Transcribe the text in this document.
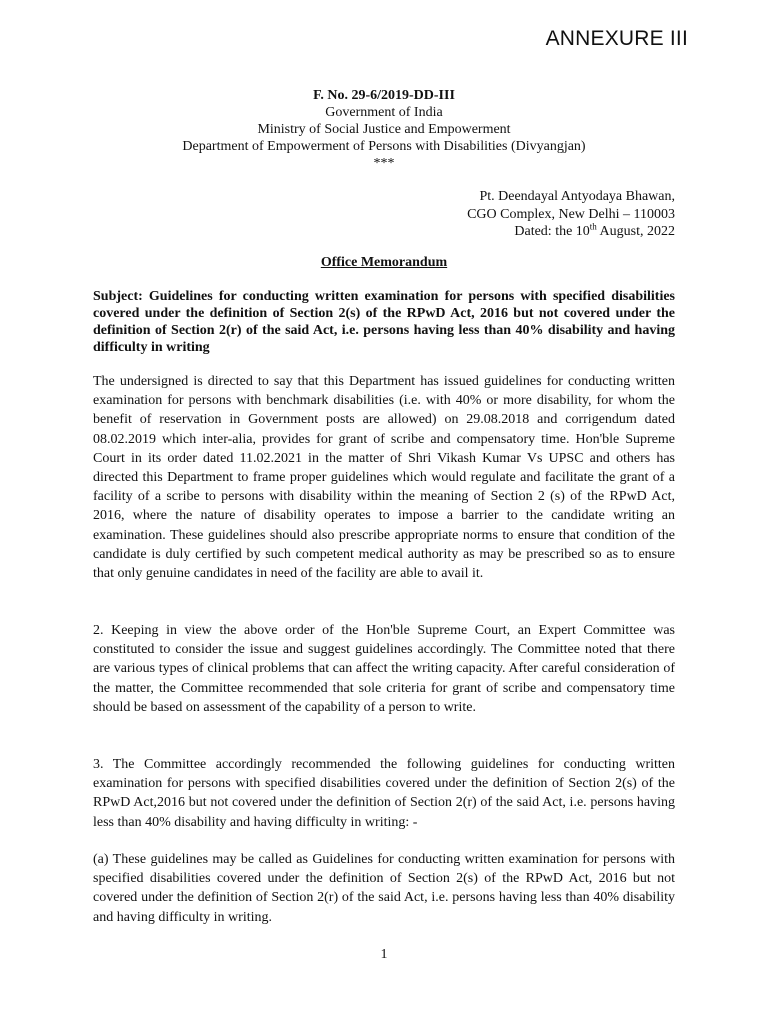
ANNEXURE III
F. No. 29-6/2019-DD-III
Government of India
Ministry of Social Justice and Empowerment
Department of Empowerment of Persons with Disabilities (Divyangjan)
***
Pt. Deendayal Antyodaya Bhawan,
CGO Complex, New Delhi – 110003
Dated: the 10th August, 2022
Office Memorandum
Subject: Guidelines for conducting written examination for persons with specified disabilities covered under the definition of Section 2(s) of the RPwD Act, 2016 but not covered under the definition of Section 2(r) of the said Act, i.e. persons having less than 40% disability and having difficulty in writing
The undersigned is directed to say that this Department has issued guidelines for conducting written examination for persons with benchmark disabilities (i.e. with 40% or more disability, for whom the benefit of reservation in Government posts are allowed) on 29.08.2018 and corrigendum dated 08.02.2019 which inter-alia, provides for grant of scribe and compensatory time. Hon'ble Supreme Court in its order dated 11.02.2021 in the matter of Shri Vikash Kumar Vs UPSC and others has directed this Department to frame proper guidelines which would regulate and facilitate the grant of a facility of a scribe to persons with disability within the meaning of Section 2 (s) of the RPwD Act, 2016, where the nature of disability operates to impose a barrier to the candidate writing an examination. These guidelines should also prescribe appropriate norms to ensure that condition of the candidate is duly certified by such competent medical authority as may be prescribed so as to ensure that only genuine candidates in need of the facility are able to avail it.
2. Keeping in view the above order of the Hon'ble Supreme Court, an Expert Committee was constituted to consider the issue and suggest guidelines accordingly. The Committee noted that there are various types of clinical problems that can affect the writing capacity. After careful consideration of the matter, the Committee recommended that sole criteria for grant of scribe and compensatory time should be based on assessment of the capability of a person to write.
3. The Committee accordingly recommended the following guidelines for conducting written examination for persons with specified disabilities covered under the definition of Section 2(s) of the RPwD Act,2016 but not covered under the definition of Section 2(r) of the said Act, i.e. persons having less than 40% disability and having difficulty in writing: -
(a) These guidelines may be called as Guidelines for conducting written examination for persons with specified disabilities covered under the definition of Section 2(s) of the RPwD Act, 2016 but not covered under the definition of Section 2(r) of the said Act, i.e. persons having less than 40% disability and having difficulty in writing.
1
